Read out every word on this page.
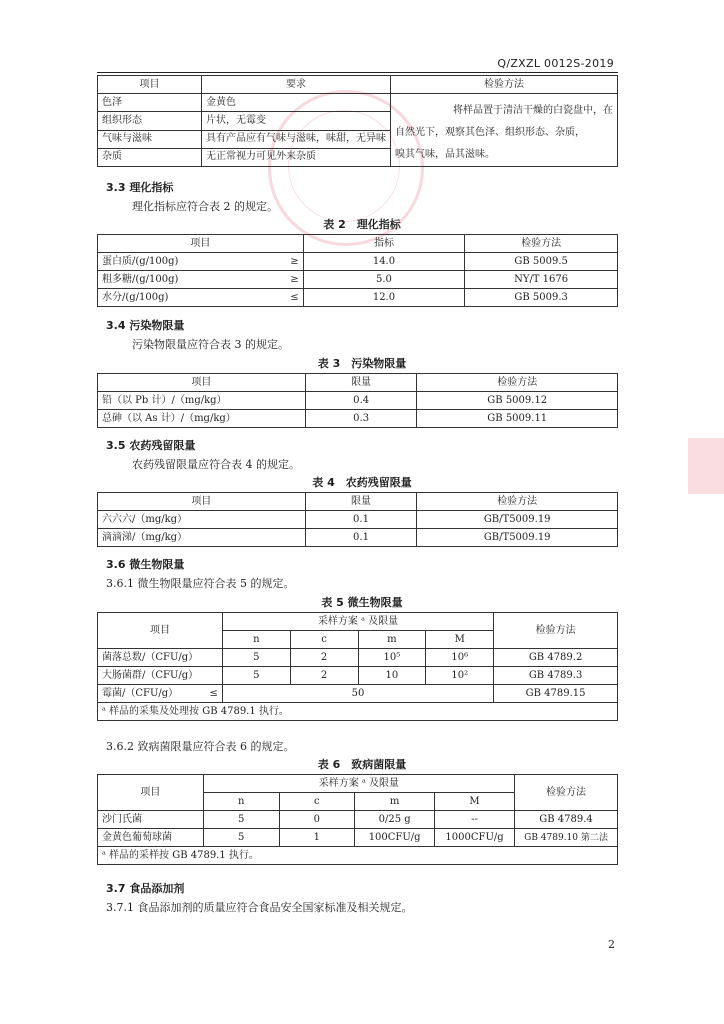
Q/ZXZL 0012S-2019
项目	要求	检验方法
色泽	金黄色	将样品置于清洁干燥的白瓷盘中，在
自然光下，观察其色泽、组织形态、杂质，
嗅其气味，品其滋味。

组织形态	片状，无霉变	
气味与滋味	具有产品应有气味与滋味，味甜，无异味	
杂质	无正常视力可见外来杂质	
3.3 理化指标
理化指标应符合表 2 的规定。
表 2　理化指标
项目		指标	检验方法
蛋白质/(g/100g)	≥	14.0	GB 5009.5
粗多糖/(g/100g)	≥	5.0	NY/T 1676
水分/(g/100g)	≤	12.0	GB 5009.3
3.4 污染物限量
污染物限量应符合表 3 的规定。
表 3　污染物限量
项目	限量	检验方法
铅（以 Pb 计）/（mg/kg）	0.4	GB 5009.12
总砷（以 As 计）/（mg/kg）	0.3	GB 5009.11
3.5 农药残留限量
农药残留限量应符合表 4 的规定。
表 4　农药残留限量
项目	限量	检验方法
六六六/（mg/kg）	0.1	GB/T5009.19
滴滴涕/（mg/kg）	0.1	GB/T5009.19
3.6 微生物限量
3.6.1 微生物限量应符合表 5 的规定。
表 5 微生物限量
项目		采样方案 ᵃ 及限量				检验方法
		n	c	m	M	
菌落总数/（CFU/g）		5	2	10⁵	10⁶	GB 4789.2
大肠菌群/（CFU/g）		5	2	10	10²	GB 4789.3
霉菌/（CFU/g）	≤	50				GB 4789.15
ᵃ 样品的采集及处理按 GB 4789.1 执行。						
3.6.2 致病菌限量应符合表 6 的规定。
表 6　致病菌限量
项目	采样方案 ᵃ 及限量				检验方法
	n	c	m	M	
沙门氏菌	5	0	0/25 g	--	GB 4789.4
金黄色葡萄球菌	5	1	100CFU/g	1000CFU/g	GB 4789.10 第二法
ᵃ 样品的采样按 GB 4789.1 执行。					
3.7 食品添加剂
3.7.1 食品添加剂的质量应符合食品安全国家标准及相关规定。
2
